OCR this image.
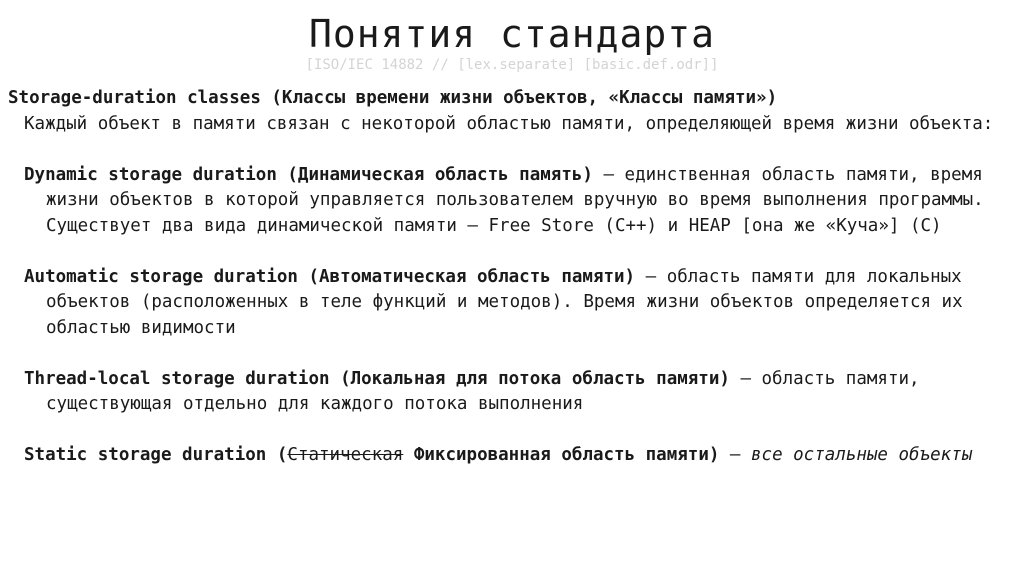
Понятия стандарта
[ISO/IEC 14882 // [lex.separate] [basic.def.odr]]
Storage-duration classes (Классы времени жизни объектов, «Классы памяти»)
Каждый объект в памяти связан с некоторой областью памяти, определяющей время жизни объекта:
Dynamic storage duration (Динамическая область память) – единственная область памяти, время жизни объектов в которой управляется пользователем вручную во время выполнения программы. Существует два вида динамической памяти – Free Store (C++) и HEAP [она же «Куча»] (C)
Automatic storage duration (Автоматическая область памяти) – область памяти для локальных объектов (расположенных в теле функций и методов). Время жизни объектов определяется их областью видимости
Thread-local storage duration (Локальная для потока область памяти) – область памяти, существующая отдельно для каждого потока выполнения
Static storage duration (Статическая Фиксированная область памяти) – все остальные объекты
